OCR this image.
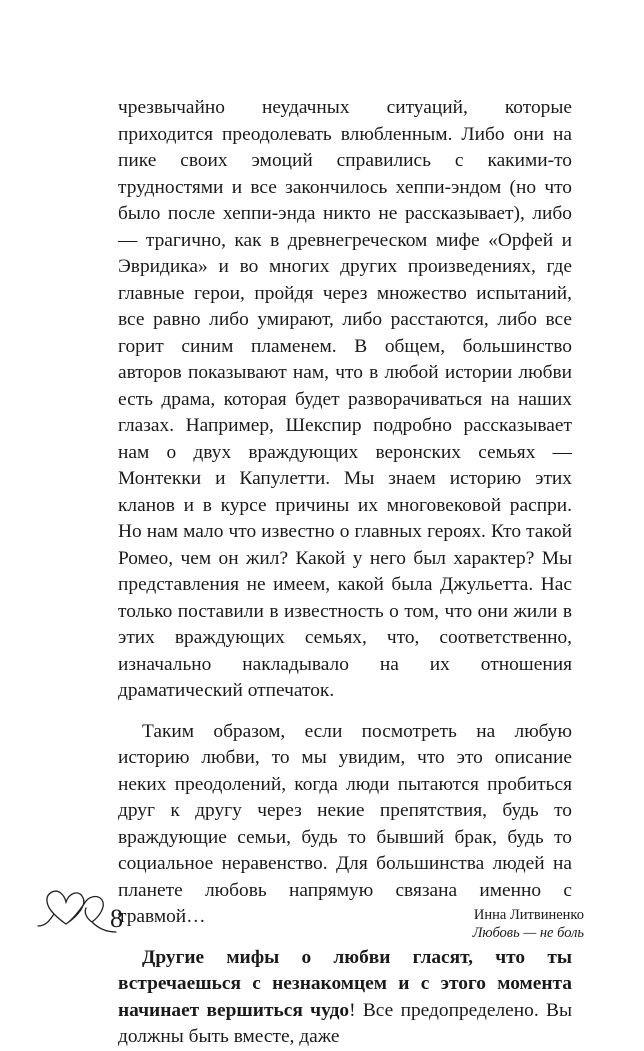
чрезвычайно неудачных ситуаций, которые приходится преодолевать влюбленным. Либо они на пике своих эмоций справились с какими-то трудностями и все закончилось хеппи-эндом (но что было после хеппи-энда никто не рассказывает), либо — трагично, как в древнегреческом мифе «Орфей и Эвридика» и во многих других произведениях, где главные герои, пройдя через множество испытаний, все равно либо умирают, либо расстаются, либо все горит синим пламенем. В общем, большинство авторов показывают нам, что в любой истории любви есть драма, которая будет разворачиваться на наших глазах. Например, Шекспир подробно рассказывает нам о двух враждующих веронских семьях — Монтекки и Капулетти. Мы знаем историю этих кланов и в курсе причины их многовековой распри. Но нам мало что известно о главных героях. Кто такой Ромео, чем он жил? Какой у него был характер? Мы представления не имеем, какой была Джульетта. Нас только поставили в известность о том, что они жили в этих враждующих семьях, что, соответственно, изначально накладывало на их отношения драматический отпечаток.

Таким образом, если посмотреть на любую историю любви, то мы увидим, что это описание неких преодолений, когда люди пытаются пробиться друг к другу через некие препятствия, будь то враждующие семьи, будь то бывший брак, будь то социальное неравенство. Для большинства людей на планете любовь напрямую связана именно с травмой…

Другие мифы о любви гласят, что ты встречаешься с незнакомцем и с этого момента начинает вершиться чудо! Все предопределено. Вы должны быть вместе, даже

8	Инна Литвиненко
Любовь — не боль
